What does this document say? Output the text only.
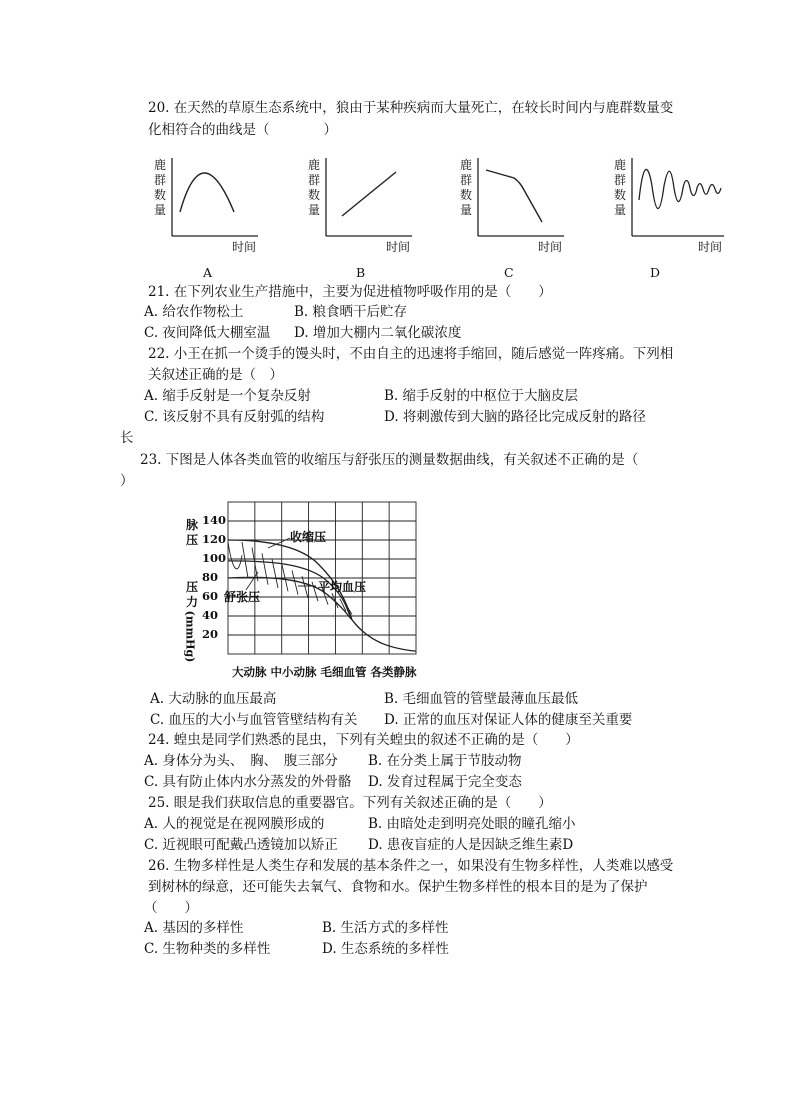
20. 在天然的草原生态系统中，狼由于某种疾病而大量死亡，在较长时间内与鹿群数量变
化相符合的曲线是（　　　　）
鹿
群
数
量
时间
A
鹿
群
数
量
时间
B
鹿
群
数
量
时间
C
鹿
群
数
量
时间
D
21. 在下列农业生产措施中，主要为促进植物呼吸作用的是（　　）
A. 给农作物松土	B. 粮食晒干后贮存
C. 夜间降低大棚室温 D. 增加大棚内二氧化碳浓度
22. 小王在抓一个烫手的馒头时，不由自主的迅速将手缩回，随后感觉一阵疼痛。下列相
关叙述正确的是（　）
A. 缩手反射是一个复杂反射	B. 缩手反射的中枢位于大脑皮层
C. 该反射不具有反射弧的结构	D. 将刺激传到大脑的路径比完成反射的路径
长
23. 下图是人体各类血管的收缩压与舒张压的测量数据曲线，有关叙述不正确的是（
）
140
120
100
80
60
40
20
脉
压
压
力
(mmHg)
收缩压
平均血压
舒张压
大动脉 中小动脉 毛细血管 各类静脉
A. 大动脉的血压最高	B. 毛细血管的管壁最薄血压最低
C. 血压的大小与血管管壁结构有关 D. 正常的血压对保证人体的健康至关重要
24. 蝗虫是同学们熟悉的昆虫，下列有关蝗虫的叙述不正确的是（　　）
A. 身体分为头、　胸、　腹三部分 B. 在分类上属于节肢动物
C. 具有防止体内水分蒸发的外骨骼 D. 发育过程属于完全变态
25. 眼是我们获取信息的重要器官。下列有关叙述正确的是（　　）
A. 人的视觉是在视网膜形成的	B. 由暗处走到明亮处眼的瞳孔缩小
C. 近视眼可配戴凸透镜加以矫正 D. 患夜盲症的人是因缺乏维生素D
26. 生物多样性是人类生存和发展的基本条件之一，如果没有生物多样性，人类难以感受
到树林的绿意，还可能失去氧气、食物和水。保护生物多样性的根本目的是为了保护
（　　）
A. 基因的多样性	B. 生活方式的多样性
C. 生物种类的多样性	D. 生态系统的多样性
